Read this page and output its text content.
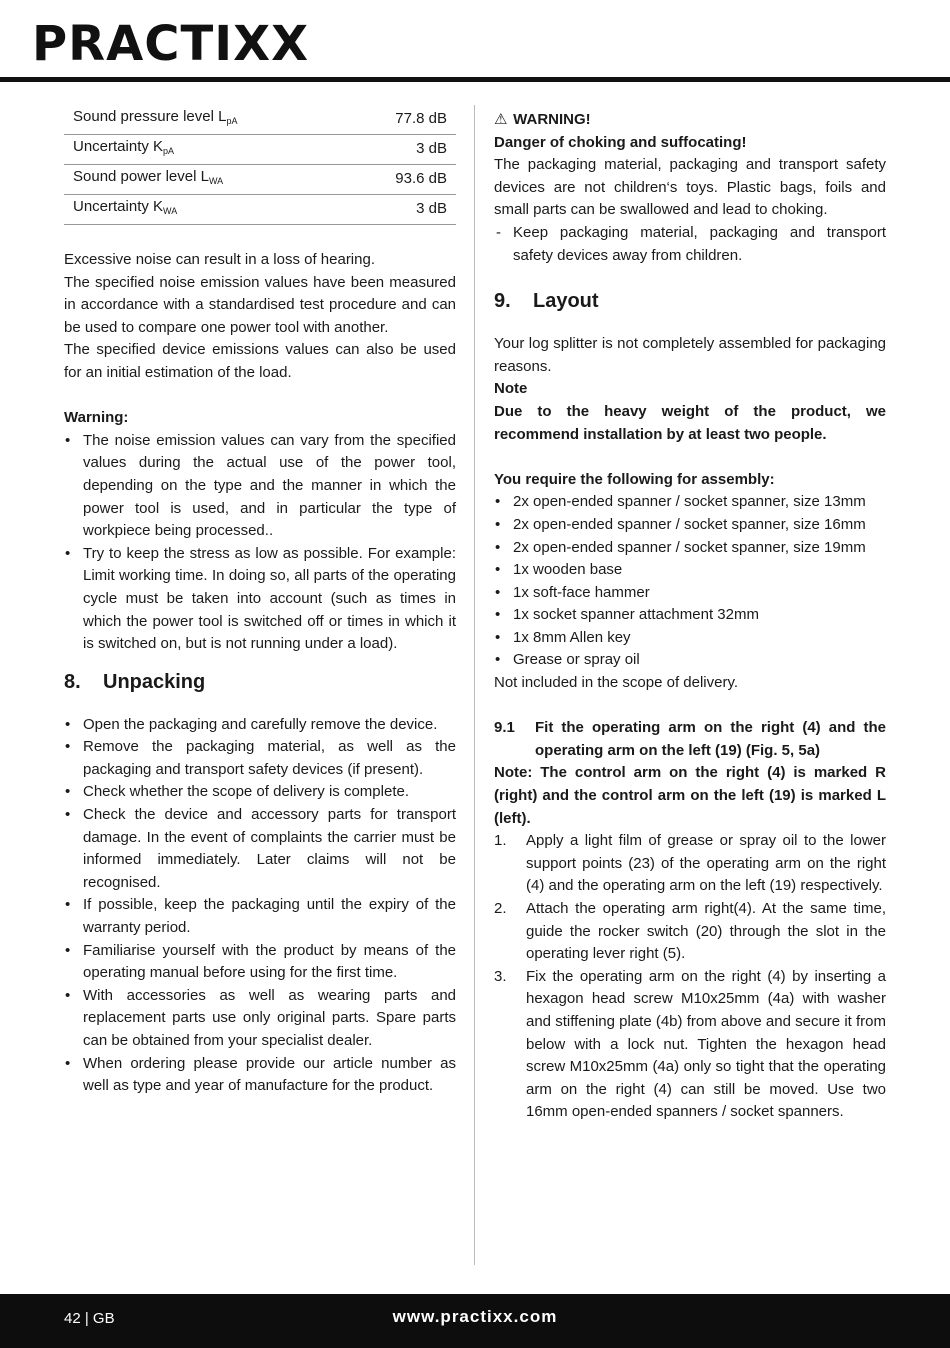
PRACTIXX
Sound pressure level $L_{pA}$	77.8 dB
Uncertainty $K_{pA}$	3 dB
Sound power level $L_{WA}$	93.6 dB
Uncertainty $K_{WA}$	3 dB

Excessive noise can result in a loss of hearing.

The specified noise emission values have been measured in accordance with a standardised test procedure and can be used to compare one power tool with another.

The specified device emissions values can also be used for an initial estimation of the load.

Warning:

• The noise emission values can vary from the specified values during the actual use of the power tool, depending on the type and the manner in which the power tool is used, and in particular the type of workpiece being processed..
• Try to keep the stress as low as possible. For example: Limit working time. In doing so, all parts of the operating cycle must be taken into account (such as times in which the power tool is switched off or times in which it is switched on, but is not running under a load).
8. Unpacking
• Open the packaging and carefully remove the device.
• Remove the packaging material, as well as the packaging and transport safety devices (if present).
• Check whether the scope of delivery is complete.
• Check the device and accessory parts for transport damage. In the event of complaints the carrier must be informed immediately. Later claims will not be recognised.
• If possible, keep the packaging until the expiry of the warranty period.
• Familiarise yourself with the product by means of the operating manual before using for the first time.
• With accessories as well as wearing parts and replacement parts use only original parts. Spare parts can be obtained from your specialist dealer.
• When ordering please provide our article number as well as type and year of manufacture for the product.

⚠ WARNING!

Danger of choking and suffocating!

The packaging material, packaging and transport safety devices are not children‘s toys. Plastic bags, foils and small parts can be swallowed and lead to choking.

- Keep packaging material, packaging and transport safety devices away from children.
9. Layout

Your log splitter is not completely assembled for packaging reasons.

Note

Due to the heavy weight of the product, we recommend installation by at least two people.

You require the following for assembly:

• 2x open-ended spanner / socket spanner, size 13mm
• 2x open-ended spanner / socket spanner, size 16mm
• 2x open-ended spanner / socket spanner, size 19mm
• 1x wooden base
• 1x soft-face hammer
• 1x socket spanner attachment 32mm
• 1x 8mm Allen key
• Grease or spray oil

Not included in the scope of delivery.

9.1 Fit the operating arm on the right (4) and the operating arm on the left (19) (Fig. 5, 5a)

Note: The control arm on the right (4) is marked R (right) and the control arm on the left (19) is marked L (left).

1. Apply a light film of grease or spray oil to the lower support points (23) of the operating arm on the right (4) and the operating arm on the left (19) respectively.
2. Attach the operating arm right(4). At the same time, guide the rocker switch (20) through the slot in the operating lever right (5).
3. Fix the operating arm on the right (4) by inserting a hexagon head screw M10x25mm (4a) with washer and stiffening plate (4b) from above and secure it from below with a lock nut. Tighten the hexagon head screw M10x25mm (4a) only so tight that the operating arm on the right (4) can still be moved. Use two 16mm open-ended spanners / socket spanners.
42 | GB	www.practixx.com
